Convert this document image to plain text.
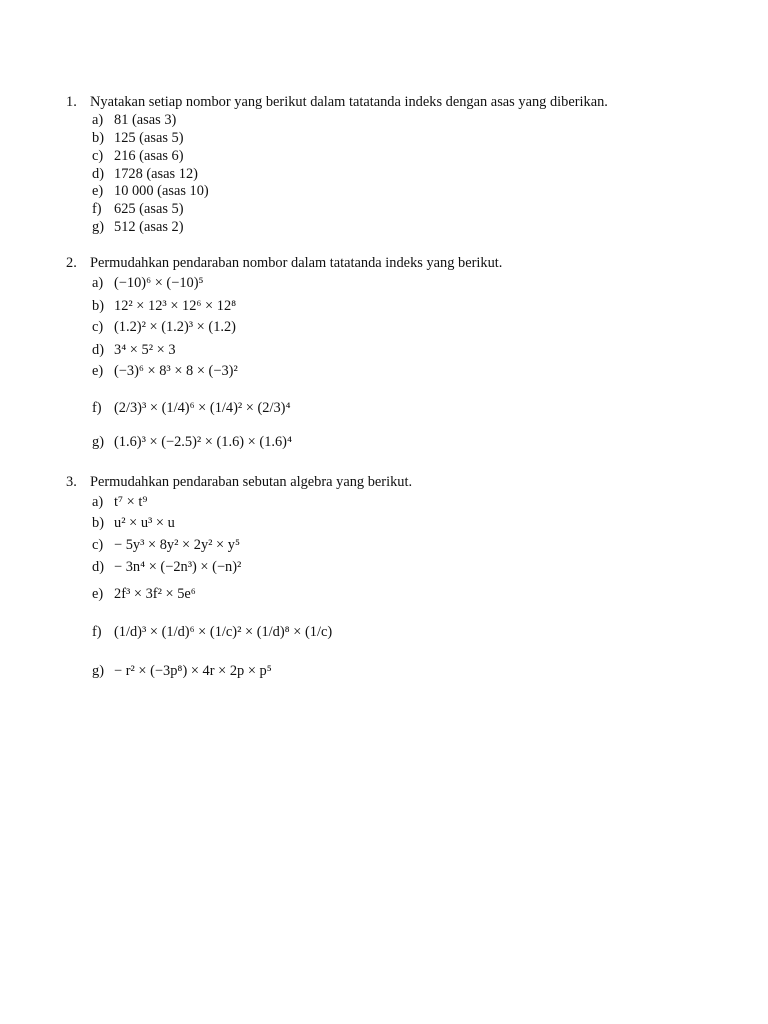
1. Nyatakan setiap nombor yang berikut dalam tatatanda indeks dengan asas yang diberikan.
a) 81 (asas 3)
b) 125 (asas 5)
c) 216 (asas 6)
d) 1728 (asas 12)
e) 10 000 (asas 10)
f) 625 (asas 5)
g) 512 (asas 2)
2. Permudahkan pendaraban nombor dalam tatatanda indeks yang berikut.
a) (−10)⁶ × (−10)⁵
b) 12² × 12³ × 12⁶ × 12⁸
c) (1.2)² × (1.2)³ × (1.2)
d) 3⁴ × 5² × 3
e) (−3)⁶ × 8³ × 8 × (−3)²
f) (2/3)³ × (1/4)⁶ × (1/4)² × (2/3)⁴
g) (1.6)³ × (−2.5)² × (1.6) × (1.6)⁴
3. Permudahkan pendaraban sebutan algebra yang berikut.
a) t⁷ × t⁹
b) u² × u³ × u
c) − 5y³ × 8y² × 2y² × y⁵
d) − 3n⁴ × (−2n³) × (−n)²
e) 2f³ × 3f² × 5e⁶
f) (1/d)³ × (1/d)⁶ × (1/c)² × (1/d)⁸ × (1/c)
g) − r² × (−3p⁸) × 4r × 2p × p⁵
